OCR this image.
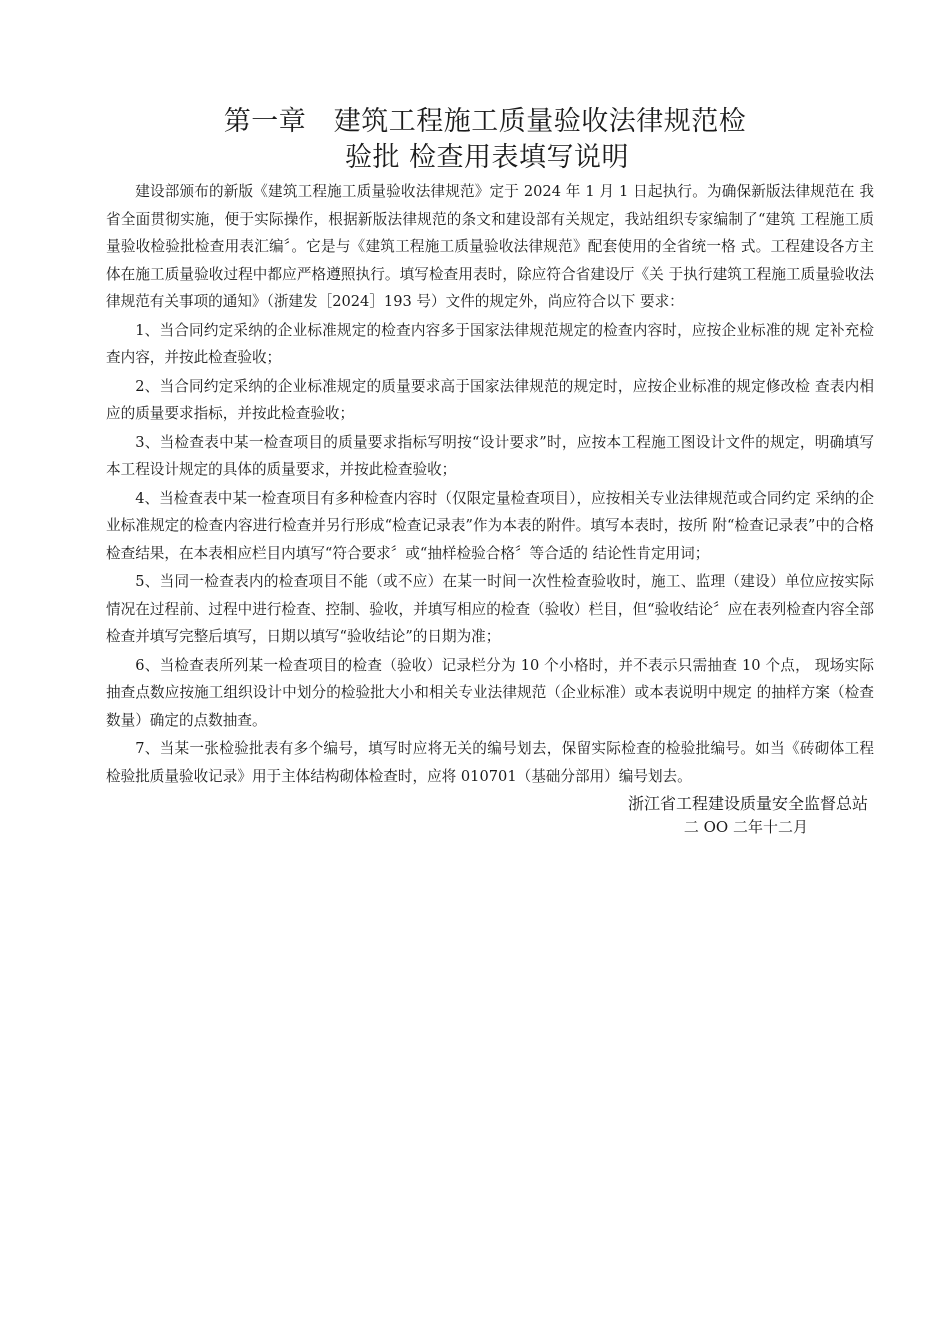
第一章　建筑工程施工质量验收法律规范检
验批 检查用表填写说明

建设部颁布的新版《建筑工程施工质量验收法律规范》定于 2024 年 1 月 1 日起执行。为确保新版法律规范在 我省全面贯彻实施，便于实际操作，根据新版法律规范的条文和建设部有关规定，我站组织专家编制了“建筑 工程施工质量验收检验批检查用表汇编〞。它是与《建筑工程施工质量验收法律规范》配套使用的全省统一格 式。工程建设各方主体在施工质量验收过程中都应严格遵照执行。填写检查用表时，除应符合省建设厅《关 于执行建筑工程施工质量验收法律规范有关事项的通知》（浙建发［2024］193 号）文件的规定外，尚应符合以下 要求：

1、当合同约定采纳的企业标准规定的检查内容多于国家法律规范规定的检查内容时，应按企业标准的规 定补充检查内容，并按此检查验收；

2、当合同约定采纳的企业标准规定的质量要求高于国家法律规范的规定时，应按企业标准的规定修改检 查表内相应的质量要求指标，并按此检查验收；

3、当检查表中某一检查项目的质量要求指标写明按“设计要求”时，应按本工程施工图设计文件的规定，明确填写本工程设计规定的具体的质量要求，并按此检查验收；

4、当检查表中某一检查项目有多种检查内容时（仅限定量检查项目），应按相关专业法律规范或合同约定 采纳的企业标准规定的检查内容进行检查并另行形成“检查记录表”作为本表的附件。填写本表时，按所 附“检查记录表”中的合格检查结果，在本表相应栏目内填写“符合要求〞或“抽样检验合格〞等合适的 结论性肯定用词；

5、当同一检查表内的检查项目不能（或不应）在某一时间一次性检查验收时，施工、监理（建设）单位应按实际情况在过程前、过程中进行检查、控制、验收，并填写相应的检查（验收）栏目，但“验收结论〞应在表列检查内容全部检查并填写完整后填写，日期以填写“验收结论”的日期为准；

6、当检查表所列某一检查项目的检查（验收）记录栏分为 10 个小格时，并不表示只需抽查 10 个点， 现场实际抽查点数应按施工组织设计中划分的检验批大小和相关专业法律规范（企业标准）或本表说明中规定 的抽样方案（检查数量）确定的点数抽查。

7、当某一张检验批表有多个编号，填写时应将无关的编号划去，保留实际检查的检验批编号。如当《砖砌体工程检验批质量验收记录》用于主体结构砌体检查时，应将 010701（基础分部用）编号划去。

浙江省工程建设质量安全监督总站
二 OO 二年十二月
